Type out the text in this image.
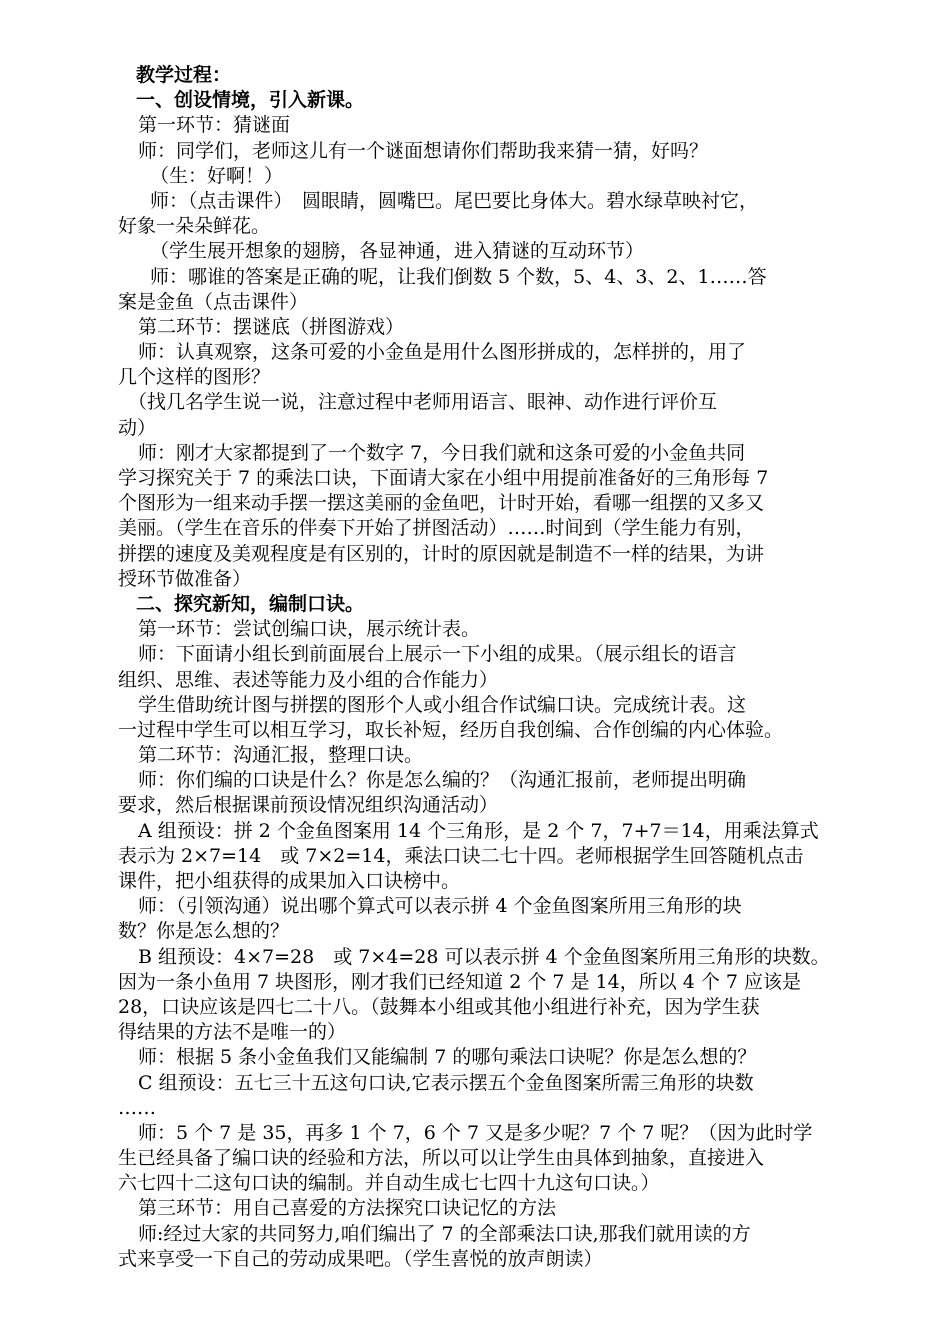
教学过程：
一、创设情境，引入新课。
第一环节：猜谜面
师：同学们，老师这儿有一个谜面想请你们帮助我来猜一猜，好吗？
（生：好啊！）
师：（点击课件）　圆眼睛，圆嘴巴。尾巴要比身体大。碧水绿草映衬它，
好象一朵朵鲜花。
（学生展开想象的翅膀，各显神通，进入猜谜的互动环节）
师：哪谁的答案是正确的呢，让我们倒数 5 个数，5、4、3、2、1……答
案是金鱼（点击课件）
第二环节：摆谜底（拼图游戏）
师：认真观察，这条可爱的小金鱼是用什么图形拼成的，怎样拼的，用了
几个这样的图形？
（找几名学生说一说，注意过程中老师用语言、眼神、动作进行评价互
动）
师：刚才大家都提到了一个数字 7，今日我们就和这条可爱的小金鱼共同
学习探究关于 7 的乘法口诀，下面请大家在小组中用提前准备好的三角形每 7
个图形为一组来动手摆一摆这美丽的金鱼吧，计时开始，看哪一组摆的又多又
美丽。（学生在音乐的伴奏下开始了拼图活动）……时间到（学生能力有别，
拼摆的速度及美观程度是有区别的，计时的原因就是制造不一样的结果，为讲
授环节做准备）
二、探究新知，编制口诀。
第一环节：尝试创编口诀，展示统计表。
师：下面请小组长到前面展台上展示一下小组的成果。（展示组长的语言
组织、思维、表述等能力及小组的合作能力）
学生借助统计图与拼摆的图形个人或小组合作试编口诀。完成统计表。这
一过程中学生可以相互学习，取长补短，经历自我创编、合作创编的内心体验。
第二环节：沟通汇报，整理口诀。
师：你们编的口诀是什么？你是怎么编的？（沟通汇报前，老师提出明确
要求，然后根据课前预设情况组织沟通活动）
A 组预设：拼 2 个金鱼图案用 14 个三角形，是 2 个 7，7+7＝14，用乘法算式
表示为 2×7=14　或 7×2=14，乘法口诀二七十四。老师根据学生回答随机点击
课件，把小组获得的成果加入口诀榜中。
师：（引领沟通）说出哪个算式可以表示拼 4 个金鱼图案所用三角形的块
数？你是怎么想的？
B 组预设：4×7=28　或 7×4=28 可以表示拼 4 个金鱼图案所用三角形的块数。
因为一条小鱼用 7 块图形，刚才我们已经知道 2 个 7 是 14，所以 4 个 7 应该是
28，口诀应该是四七二十八。（鼓舞本小组或其他小组进行补充，因为学生获
得结果的方法不是唯一的）
师：根据 5 条小金鱼我们又能编制 7 的哪句乘法口诀呢？你是怎么想的？
C 组预设：五七三十五这句口诀,它表示摆五个金鱼图案所需三角形的块数
……
师：5 个 7 是 35，再多 1 个 7，6 个 7 又是多少呢？7 个 7 呢？（因为此时学
生已经具备了编口诀的经验和方法，所以可以让学生由具体到抽象，直接进入
六七四十二这句口诀的编制。并自动生成七七四十九这句口诀。）
第三环节：用自己喜爱的方法探究口诀记忆的方法
师:经过大家的共同努力,咱们编出了 7 的全部乘法口诀,那我们就用读的方
式来享受一下自己的劳动成果吧。（学生喜悦的放声朗读）
